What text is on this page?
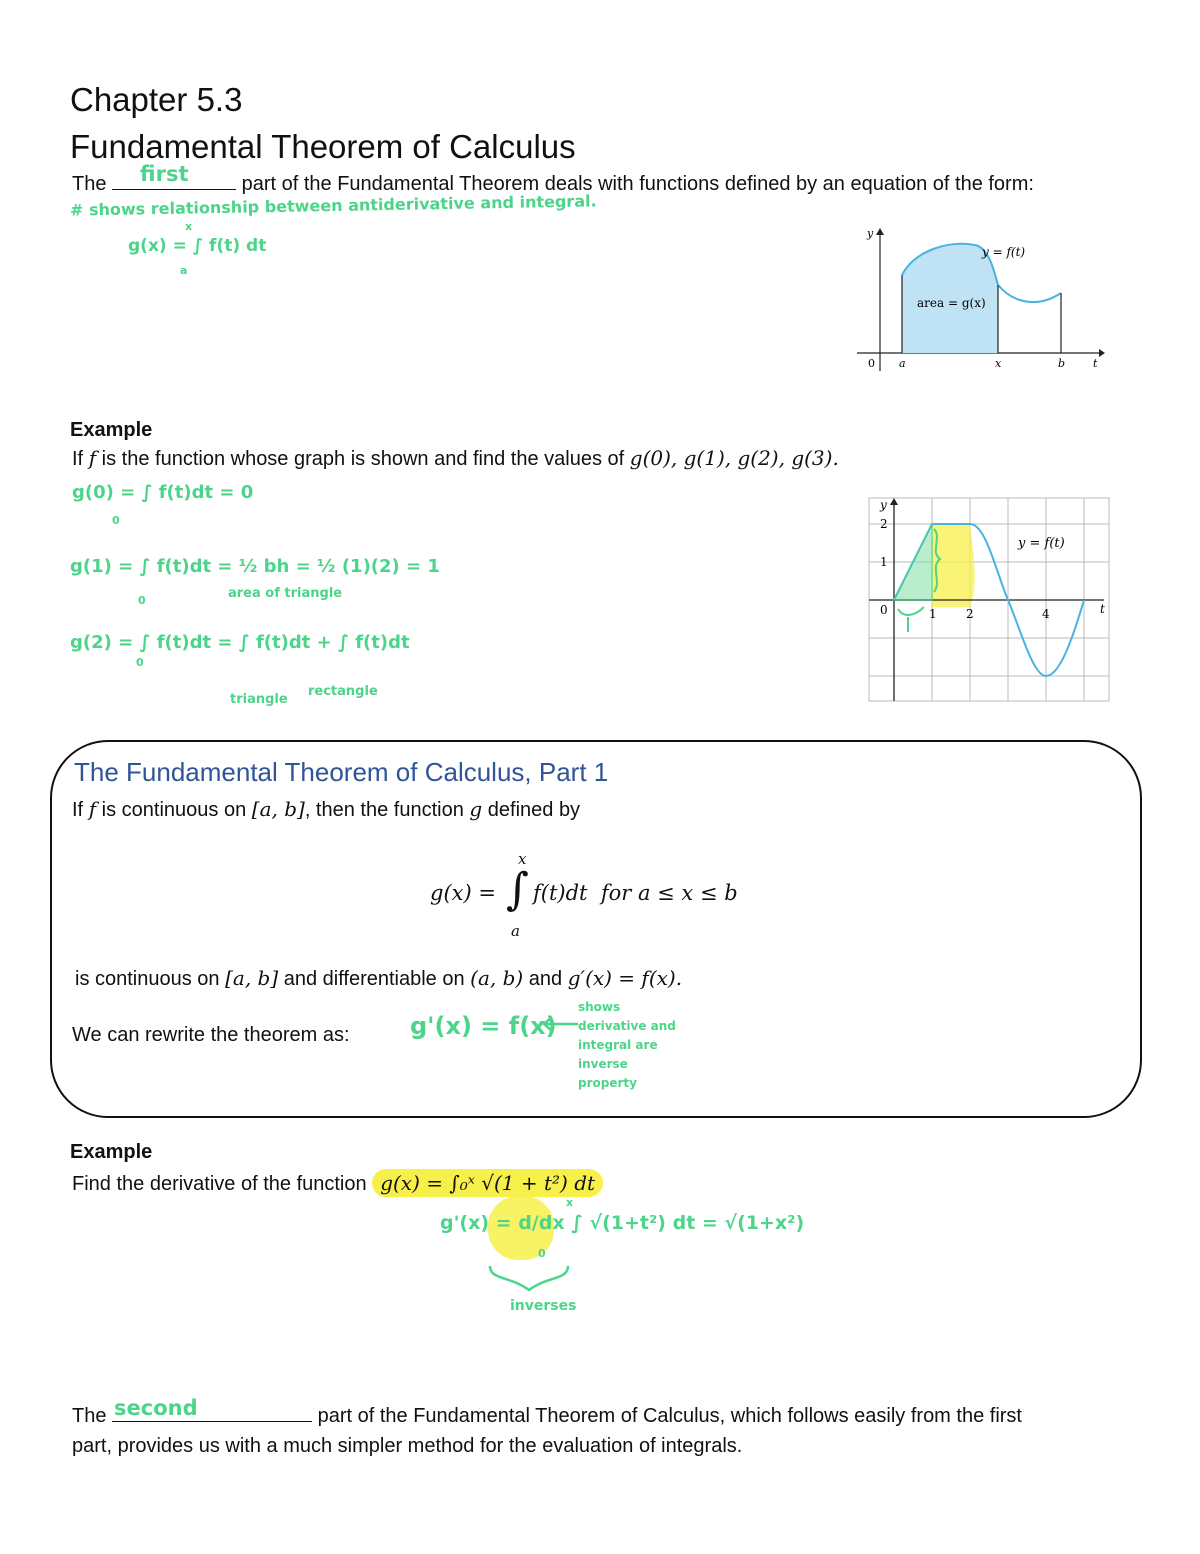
Chapter 5.3
Fundamental Theorem of Calculus
The first	part of the Fundamental Theorem deals with functions defined by an equation of the form:
# shows relationship between antiderivative and integral.
g(x) = ∫ f(t) dt
x
a
y
y = f(t)
area = g(x)
0 a	x	b	t
Example
If f is the function whose graph is shown and find the values of g(0), g(1), g(2), g(3).
g(0) = ∫ f(t)dt = 0
0
g(1) = ∫ f(t)dt = ½ bh = ½ (1)(2) = 1
0	area of triangle
g(2) = ∫ f(t)dt = ∫ f(t)dt + ∫ f(t)dt
0
triangle
rectangle
y
y = f(t)
2
1
0	1 2	4	t
The Fundamental Theorem of Calculus, Part 1
If f is continuous on [a, b], then the function g defined by
g(x) = ∫
x
a
f(t)dt  for a ≤ x ≤ b
is continuous on [a, b] and differentiable on (a, b) and g′(x) = f(x).
We can rewrite the theorem as:	g'(x) = f(x)
shows derivative and integral are inverse property
Example
Find the derivative of the function g(x) = ∫₀ˣ √(1 + t²) dt
g'(x) = d/dx ∫ √(1+t²) dt = √(1+x²)
x
0
inverses
The second	part of the Fundamental Theorem of Calculus, which follows easily from the first
part, provides us with a much simpler method for the evaluation of integrals.
